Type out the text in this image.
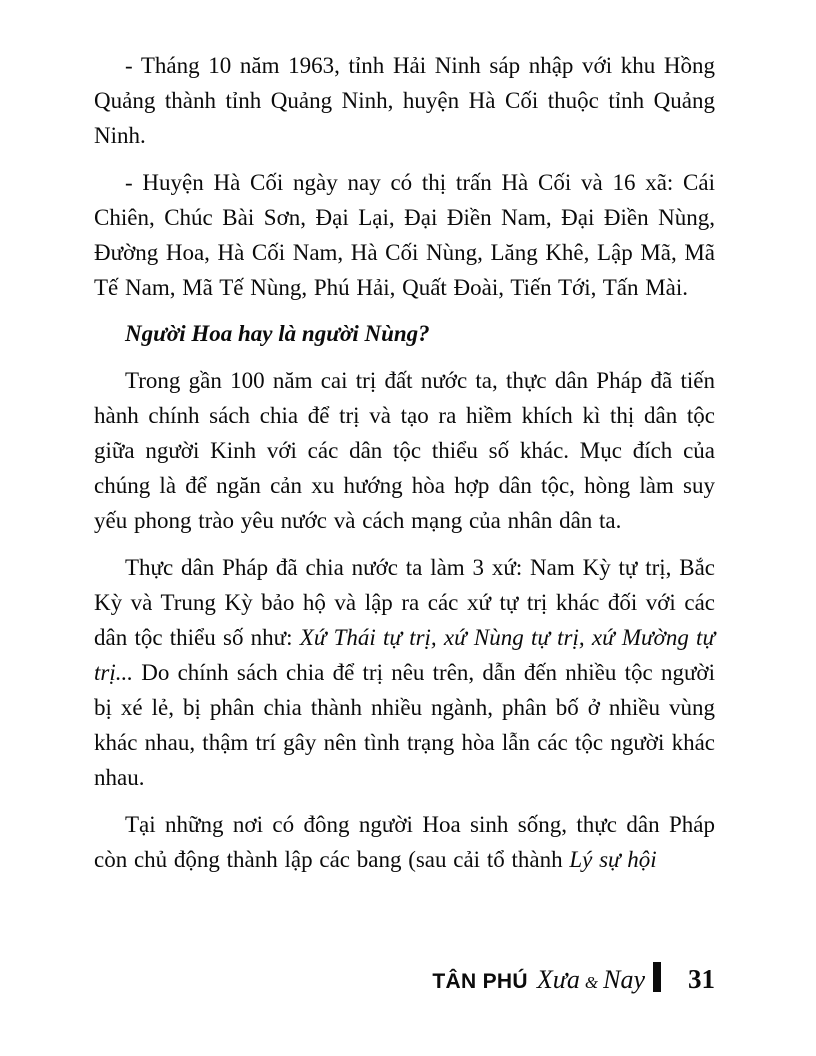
- Tháng 10 năm 1963, tỉnh Hải Ninh sáp nhập với khu Hồng Quảng thành tỉnh Quảng Ninh, huyện Hà Cối thuộc tỉnh Quảng Ninh.

- Huyện Hà Cối ngày nay có thị trấn Hà Cối và 16 xã: Cái Chiên, Chúc Bài Sơn, Đại Lại, Đại Điền Nam, Đại Điền Nùng, Đường Hoa, Hà Cối Nam, Hà Cối Nùng, Lăng Khê, Lập Mã, Mã Tế Nam, Mã Tế Nùng, Phú Hải, Quất Đoài, Tiến Tới, Tấn Mài.

Người Hoa hay là người Nùng?

Trong gần 100 năm cai trị đất nước ta, thực dân Pháp đã tiến hành chính sách chia để trị và tạo ra hiềm khích kì thị dân tộc giữa người Kinh với các dân tộc thiểu số khác. Mục đích của chúng là để ngăn cản xu hướng hòa hợp dân tộc, hòng làm suy yếu phong trào yêu nước và cách mạng của nhân dân ta.

Thực dân Pháp đã chia nước ta làm 3 xứ: Nam Kỳ tự trị, Bắc Kỳ và Trung Kỳ bảo hộ và lập ra các xứ tự trị khác đối với các dân tộc thiểu số như: Xứ Thái tự trị, xứ Nùng tự trị, xứ Mường tự trị... Do chính sách chia để trị nêu trên, dẫn đến nhiều tộc người bị xé lẻ, bị phân chia thành nhiều ngành, phân bố ở nhiều vùng khác nhau, thậm trí gây nên tình trạng hòa lẫn các tộc người khác nhau.

Tại những nơi có đông người Hoa sinh sống, thực dân Pháp còn chủ động thành lập các bang (sau cải tổ thành Lý sự hội

TÂN PHÚ Xưa & Nay 31
